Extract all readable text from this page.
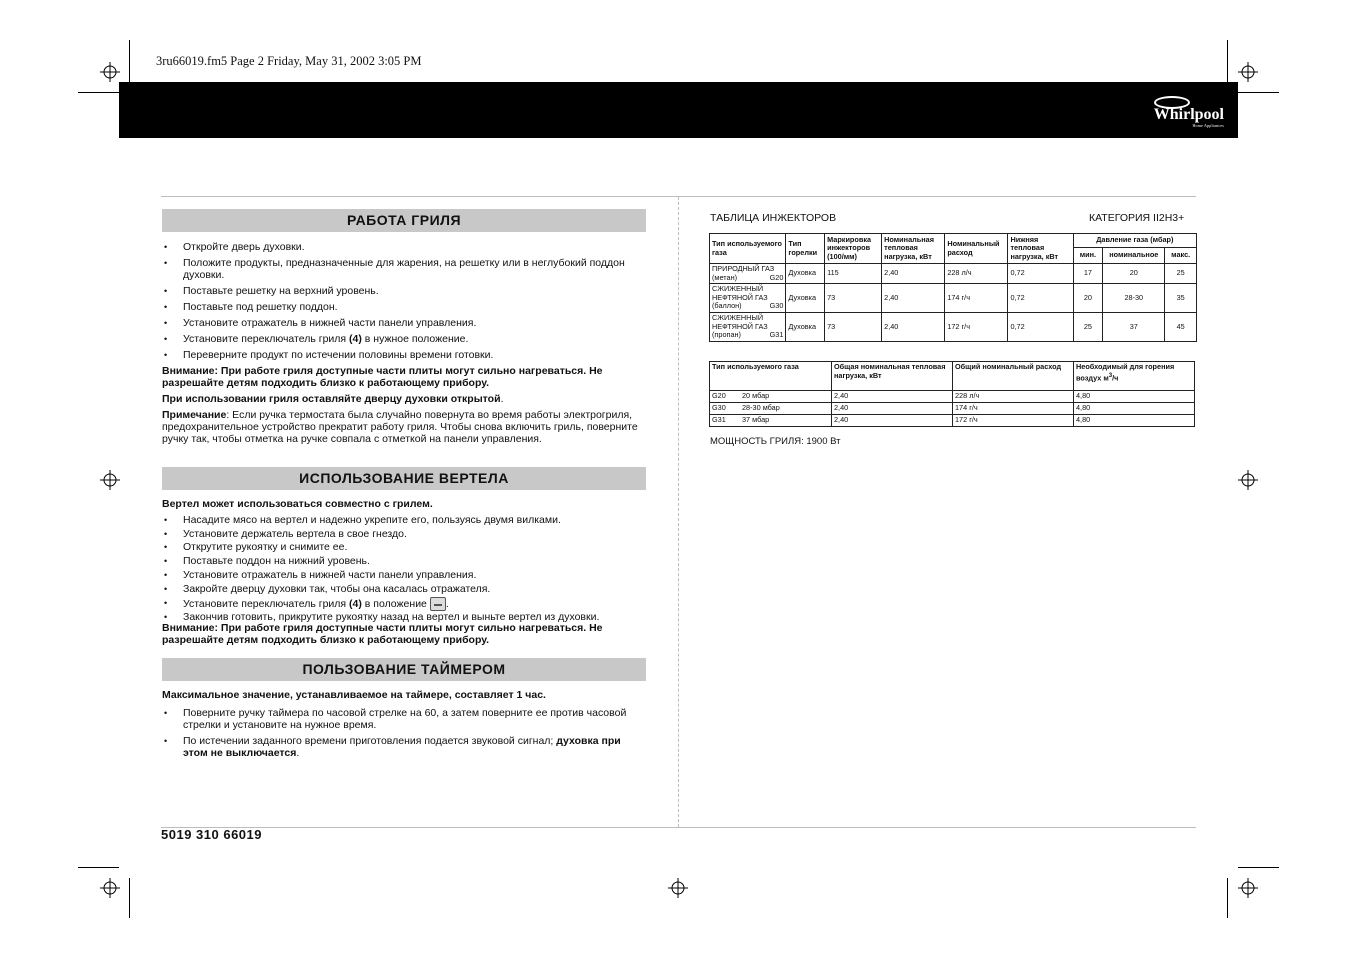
3ru66019.fm5 Page 2 Friday, May 31, 2002 3:05 PM
Whirlpool
Home Appliances
РАБОТА ГРИЛЯ
• Откройте дверь духовки.
• Положите продукты, предназначенные для жарения, на решетку или в неглубокий поддон духовки.
• Поставьте решетку на верхний уровень.
• Поставьте под решетку поддон.
• Установите отражатель в нижней части панели управления.
• Установите переключатель гриля (4) в нужное положение.
• Переверните продукт по истечении половины времени готовки.
Внимание: При работе гриля доступные части плиты могут сильно нагреваться. Не разрешайте детям подходить близко к работающему прибору.
При использовании гриля оставляйте дверцу духовки открытой.
Примечание: Если ручка термостата была случайно повернута во время работы электрогриля, предохранительное устройство прекратит работу гриля. Чтобы снова включить гриль, поверните ручку так, чтобы отметка на ручке совпала с отметкой на панели управления.
ИСПОЛЬЗОВАНИЕ ВЕРТЕЛА
Вертел может использоваться совместно с грилем.
• Насадите мясо на вертел и надежно укрепите его, пользуясь двумя вилками.
• Установите держатель вертела в свое гнездо.
• Открутите рукоятку и снимите ее.
• Поставьте поддон на нижний уровень.
• Установите отражатель в нижней части панели управления.
• Закройте дверцу духовки так, чтобы она касалась отражателя.
• Установите переключатель гриля (4) в положение .
• Закончив готовить, прикрутите рукоятку назад на вертел и выньте вертел из духовки.
Внимание: При работе гриля доступные части плиты могут сильно нагреваться. Не разрешайте детям подходить близко к работающему прибору.
ПОЛЬЗОВАНИЕ ТАЙМЕРОМ
Максимальное значение, устанавливаемое на таймере, составляет 1 час.
• Поверните ручку таймера по часовой стрелке на 60, а затем поверните ее против часовой стрелки и установите на нужное время.
• По истечении заданного времени приготовления подается звуковой сигнал; духовка при этом не выключается.
5019 310 66019
ТАБЛИЦА ИНЖЕКТОРОВ	КАТЕГОРИЯ II2H3+
Тип используемого газа	Тип горелки	Маркировка инжекторов (100/мм)	Номинальная тепловая нагрузка, кВт	Номинальный расход	Нижняя тепловая нагрузка, кВт	Давление газа (мбар)		
						мин.	номинальное	макс.
ПРИРОДНЫЙ ГАЗ (метан) G20	Духовка	115	2,40	228 л/ч	0,72	17	20	25
СЖИЖЕННЫЙ НЕФТЯНОЙ ГАЗ (баллон) G30	Духовка	73	2,40	174 г/ч	0,72	20	28-30	35
СЖИЖЕННЫЙ НЕФТЯНОЙ ГАЗ (пропан) G31	Духовка	73	2,40	172 г/ч	0,72	25	37	45
Тип используемого газа	Общая номинальная тепловая нагрузка, кВт	Общий номинальный расход	Необходимый для горения воздух $м^3/ч$
G20 20 мбар	2,40	228 л/ч	4,80
G30 28-30 мбар	2,40	174 г/ч	4,80
G31 37 мбар	2,40	172 г/ч	4,80
МОЩНОСТЬ ГРИЛЯ: 1900 Вт
